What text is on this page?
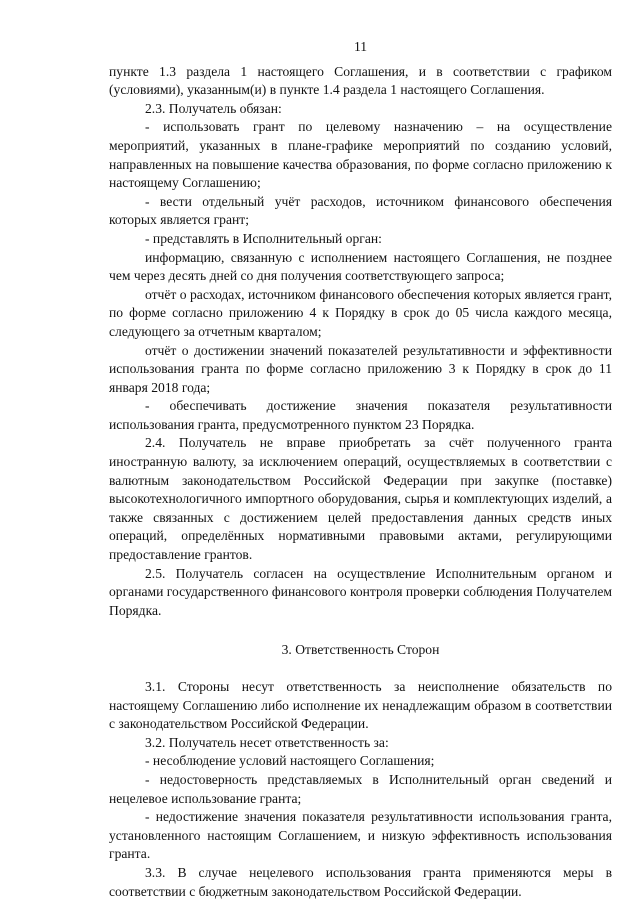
11

пункте 1.3 раздела 1 настоящего Соглашения, и в соответствии с графиком (условиями), указанным(и) в пункте 1.4 раздела 1 настоящего Соглашения.

2.3. Получатель обязан:

- использовать грант по целевому назначению – на осуществление мероприятий, указанных в плане-графике мероприятий по созданию условий, направленных на повышение качества образования, по форме согласно приложению к настоящему Соглашению;

- вести отдельный учёт расходов, источником финансового обеспечения которых является грант;

- представлять в Исполнительный орган:

информацию, связанную с исполнением настоящего Соглашения, не позднее чем через десять дней со дня получения соответствующего запроса;

отчёт о расходах, источником финансового обеспечения которых является грант, по форме согласно приложению 4 к Порядку в срок до 05 числа каждого месяца, следующего за отчетным кварталом;

отчёт о достижении значений показателей результативности и эффективности использования гранта по форме согласно приложению 3 к Порядку в срок до 11 января 2018 года;

- обеспечивать достижение значения показателя результативности использования гранта, предусмотренного пунктом 23 Порядка.

2.4. Получатель не вправе приобретать за счёт полученного гранта иностранную валюту, за исключением операций, осуществляемых в соответствии с валютным законодательством Российской Федерации при закупке (поставке) высокотехнологичного импортного оборудования, сырья и комплектующих изделий, а также связанных с достижением целей предоставления данных средств иных операций, определённых нормативными правовыми актами, регулирующими предоставление грантов.

2.5. Получатель согласен на осуществление Исполнительным органом и органами государственного финансового контроля проверки соблюдения Получателем Порядка.

3. Ответственность Сторон

3.1. Стороны несут ответственность за неисполнение обязательств по настоящему Соглашению либо исполнение их ненадлежащим образом в соответствии с законодательством Российской Федерации.

3.2. Получатель несет ответственность за:

- несоблюдение условий настоящего Соглашения;

- недостоверность представляемых в Исполнительный орган сведений и нецелевое использование гранта;

- недостижение значения показателя результативности использования гранта, установленного настоящим Соглашением, и низкую эффективность использования гранта.

3.3. В случае нецелевого использования гранта применяются меры в соответствии с бюджетным законодательством Российской Федерации.
